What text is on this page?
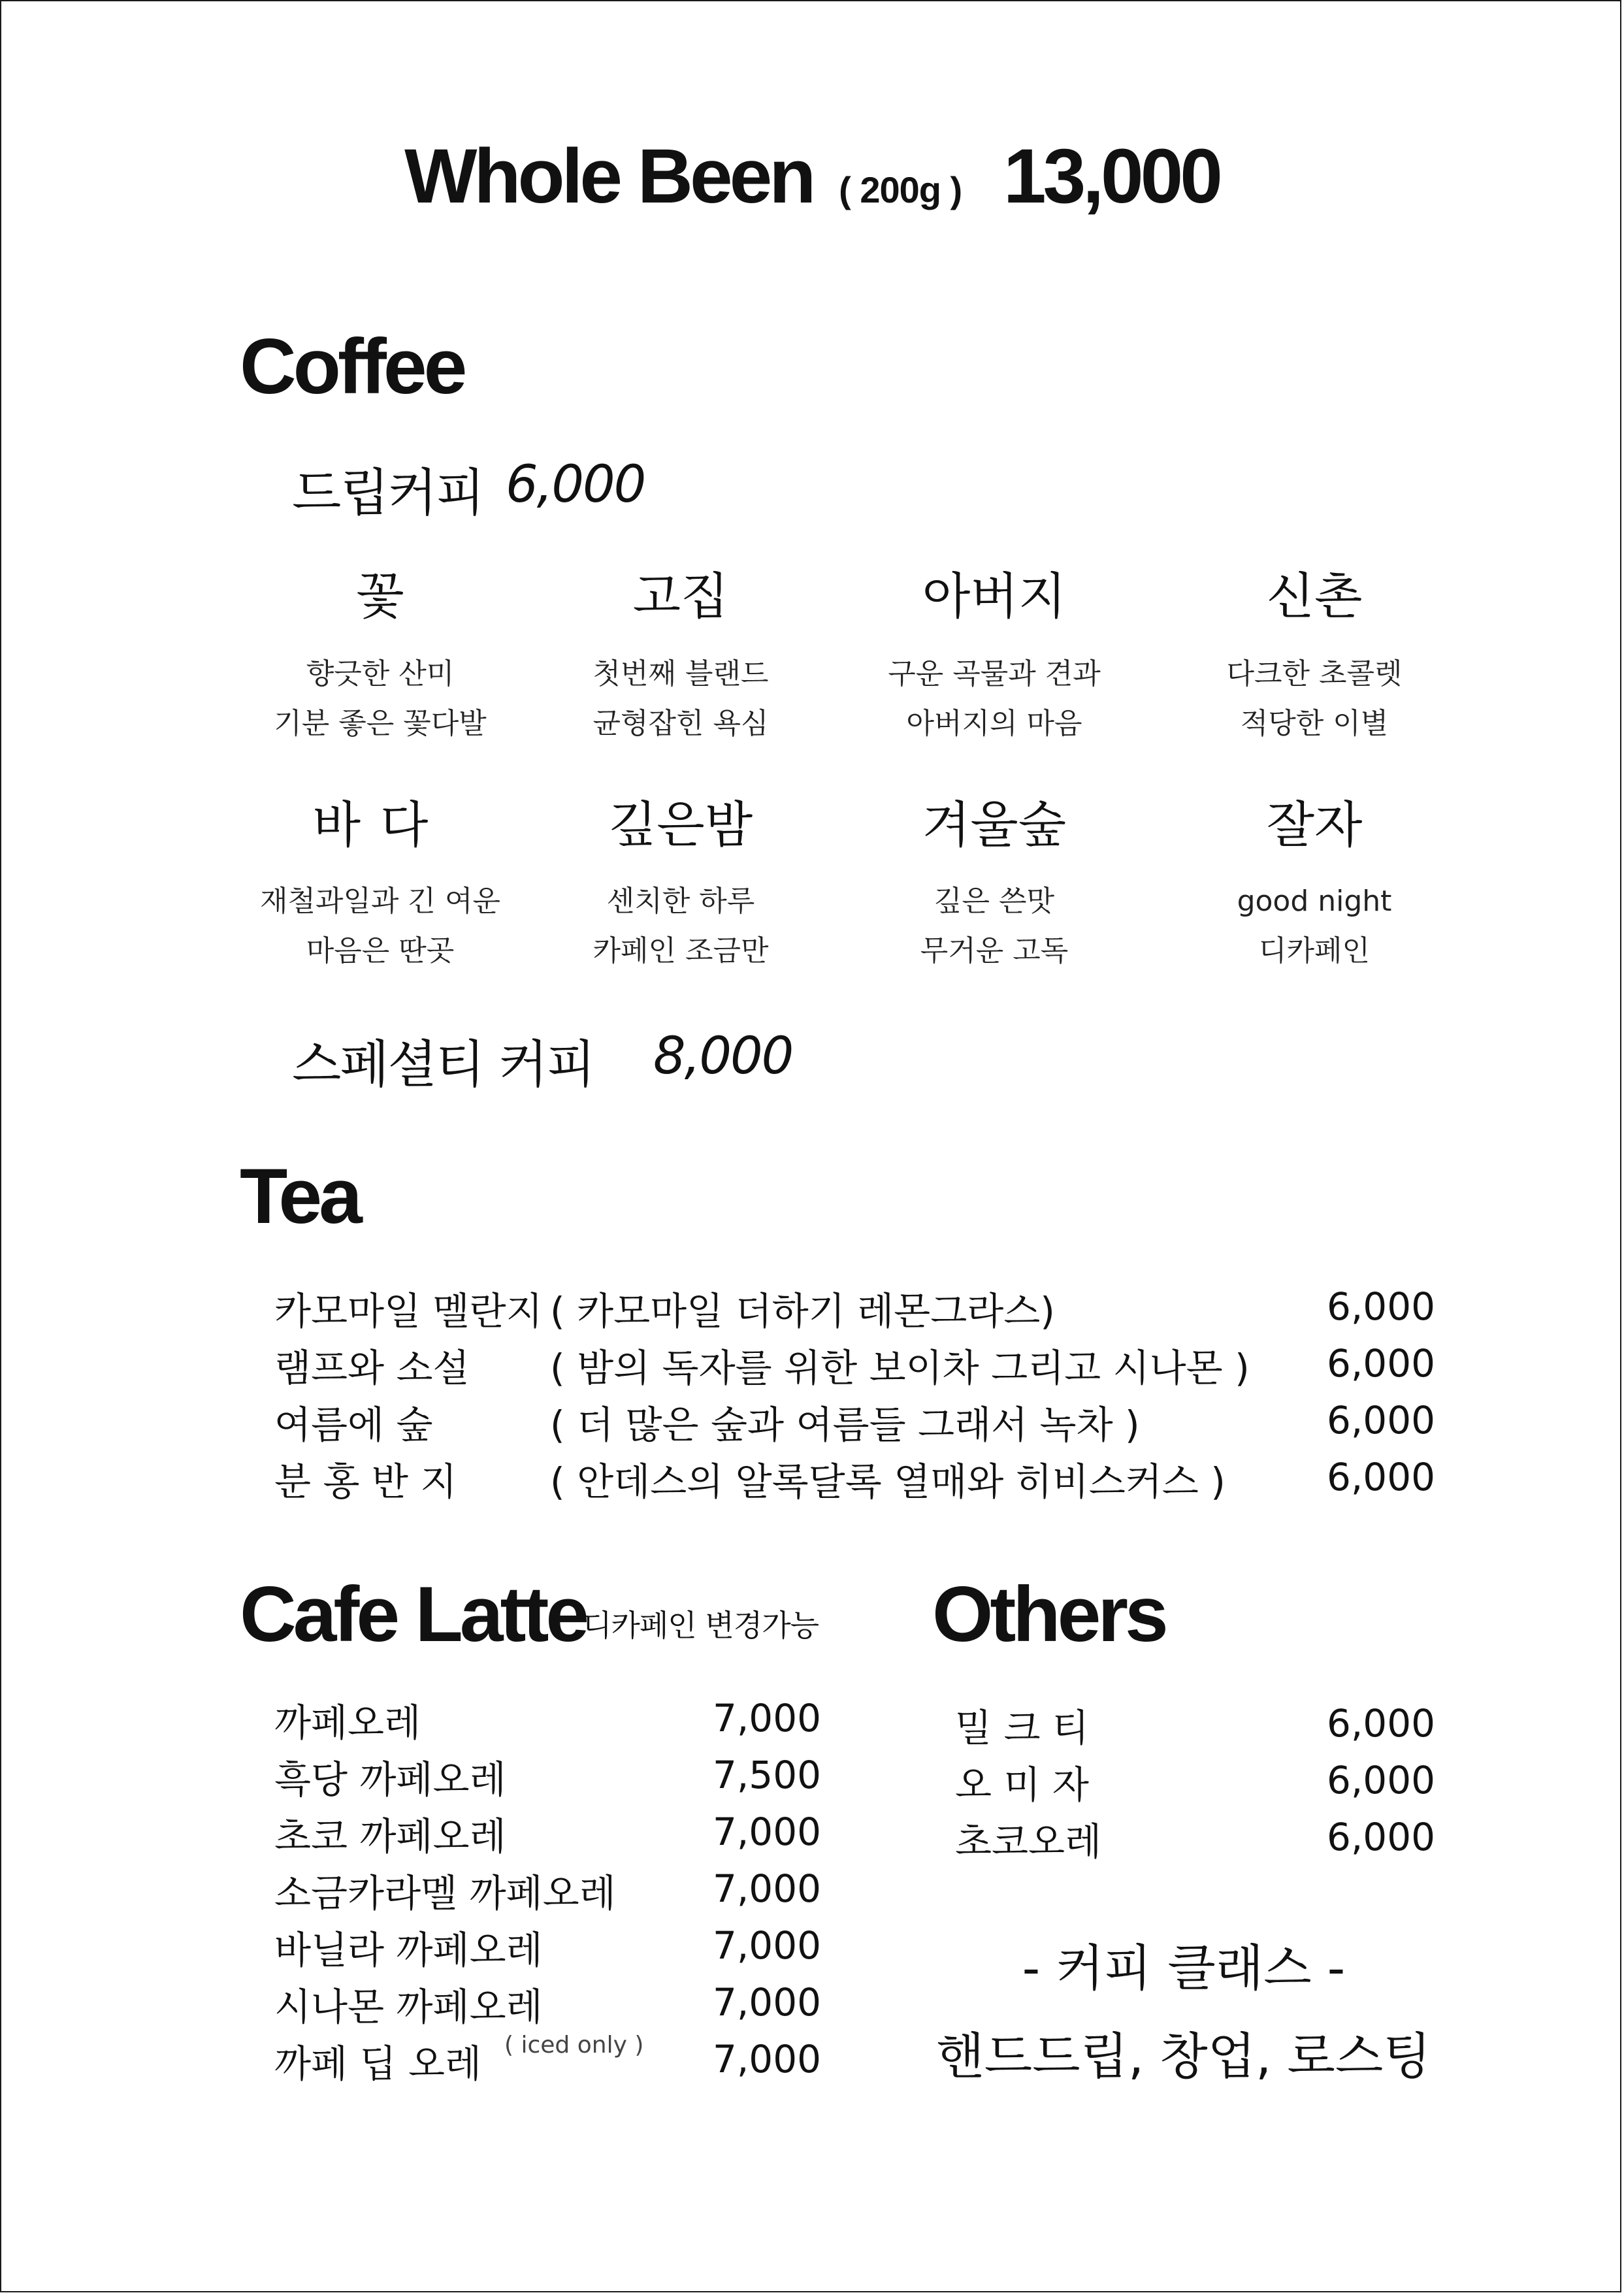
Whole Been ( 200g ) 13,000
Coffee
드립커피 6,000
꽃
향긋한 산미
기분 좋은 꽃다발
고집
첫번째 블랜드
균형잡힌 욕심
아버지
구운 곡물과 견과
아버지의 마음
신촌
다크한 초콜렛
적당한 이별
바다
재철과일과 긴 여운
마음은 딴곳
깊은밤
센치한 하루
카페인 조금만
겨울숲
깊은 쓴맛
무거운 고독
잘자
good night
디카페인
스페셜티 커피 8,000
Tea
카모마일 멜란지 ( 카모마일 더하기 레몬그라스)	6,000
램프와 소설 ( 밤의 독자를 위한 보이차 그리고 시나몬 )	6,000
여름에 숲	( 더 많은 숲과 여름들 그래서 녹차 )	6,000
분 홍 반 지 ( 안데스의 알록달록 열매와 히비스커스 )	6,000
Cafe Latte
디카페인 변경가능
까페오레	7,000
흑당 까페오레	7,500
초코 까페오레	7,000
소금카라멜 까페오레	7,000
바닐라 까페오레	7,000
시나몬 까페오레	7,000
까페 딥 오레 ( iced only )	7,000
Others
밀 크 티	6,000
오 미 자	6,000
초코오레	6,000
- 커피 클래스 -
핸드드립, 창업, 로스팅
